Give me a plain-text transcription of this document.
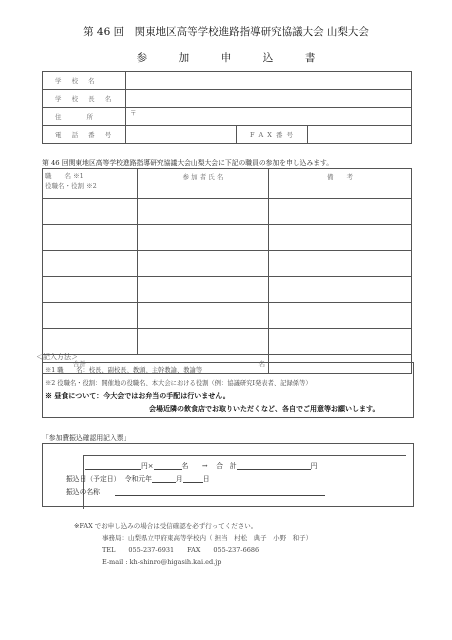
第 46 回　関東地区高等学校進路指導研究協議大会 山梨大会
参	加	申	込	書
学 校 名			
学 校 長 名			
住　　所	〒		
電 話 番 号		F A X 番 号	
第 46 回関東地区高等学校進路指導研究協議大会山梨大会に下記の職員の参加を申し込みます。
職　　名 ※1
役職名・役割 ※2	参 加 者 氏 名	備　　考

合計 名		

＜記入方法＞
※1 職　　名：校長、副校長、教頭、主幹教諭、教諭等
※2 役職名・役割：開催地の役職名、本大会における役割（例：協議研究Ⅰ発表者、記録係等）
※ 昼食について：今大会ではお弁当の手配は行いません。
会場近隣の飲食店でお取りいただくなど、各自でご用意等お願いします。
「参加費振込確認用記入票」
円×	名　　→ 合　計	円
振込日（予定日） 令和元年	月	日
振込の名称
※FAX でお申し込みの場合は受信確認を必ず行ってください。
事務局：山梨県立甲府東高等学校内（ 担当　村松　典子　小野　和子）
TEL　　055-237-6931　　FAX　　055-237-6686
E-mail : kh-shinro@higasih.kai.ed.jp
